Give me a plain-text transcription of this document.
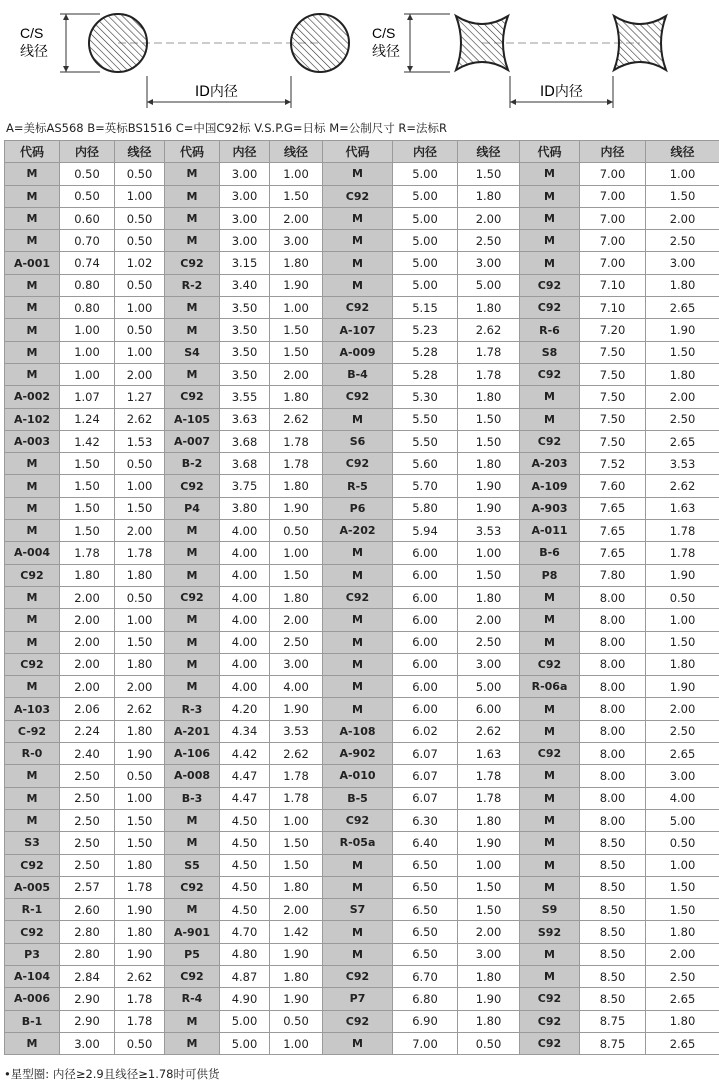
C/S
线径
ID内径
C/S
线径
ID内径
A=美标AS568 B=英标BS1516 C=中国C92标 V.S.P.G=日标 M=公制尺寸 R=法标R
代码	内径	线径	代码	内径	线径	代码	内径	线径	代码	内径	线径
M	0.50	0.50	M	3.00	1.00	M	5.00	1.50	M	7.00	1.00
M	0.50	1.00	M	3.00	1.50	C92	5.00	1.80	M	7.00	1.50
M	0.60	0.50	M	3.00	2.00	M	5.00	2.00	M	7.00	2.00
M	0.70	0.50	M	3.00	3.00	M	5.00	2.50	M	7.00	2.50
A-001	0.74	1.02	C92	3.15	1.80	M	5.00	3.00	M	7.00	3.00
M	0.80	0.50	R-2	3.40	1.90	M	5.00	5.00	C92	7.10	1.80
M	0.80	1.00	M	3.50	1.00	C92	5.15	1.80	C92	7.10	2.65
M	1.00	0.50	M	3.50	1.50	A-107	5.23	2.62	R-6	7.20	1.90
M	1.00	1.00	S4	3.50	1.50	A-009	5.28	1.78	S8	7.50	1.50
M	1.00	2.00	M	3.50	2.00	B-4	5.28	1.78	C92	7.50	1.80
A-002	1.07	1.27	C92	3.55	1.80	C92	5.30	1.80	M	7.50	2.00
A-102	1.24	2.62	A-105	3.63	2.62	M	5.50	1.50	M	7.50	2.50
A-003	1.42	1.53	A-007	3.68	1.78	S6	5.50	1.50	C92	7.50	2.65
M	1.50	0.50	B-2	3.68	1.78	C92	5.60	1.80	A-203	7.52	3.53
M	1.50	1.00	C92	3.75	1.80	R-5	5.70	1.90	A-109	7.60	2.62
M	1.50	1.50	P4	3.80	1.90	P6	5.80	1.90	A-903	7.65	1.63
M	1.50	2.00	M	4.00	0.50	A-202	5.94	3.53	A-011	7.65	1.78
A-004	1.78	1.78	M	4.00	1.00	M	6.00	1.00	B-6	7.65	1.78
C92	1.80	1.80	M	4.00	1.50	M	6.00	1.50	P8	7.80	1.90
M	2.00	0.50	C92	4.00	1.80	C92	6.00	1.80	M	8.00	0.50
M	2.00	1.00	M	4.00	2.00	M	6.00	2.00	M	8.00	1.00
M	2.00	1.50	M	4.00	2.50	M	6.00	2.50	M	8.00	1.50
C92	2.00	1.80	M	4.00	3.00	M	6.00	3.00	C92	8.00	1.80
M	2.00	2.00	M	4.00	4.00	M	6.00	5.00	R-06a	8.00	1.90
A-103	2.06	2.62	R-3	4.20	1.90	M	6.00	6.00	M	8.00	2.00
C-92	2.24	1.80	A-201	4.34	3.53	A-108	6.02	2.62	M	8.00	2.50
R-0	2.40	1.90	A-106	4.42	2.62	A-902	6.07	1.63	C92	8.00	2.65
M	2.50	0.50	A-008	4.47	1.78	A-010	6.07	1.78	M	8.00	3.00
M	2.50	1.00	B-3	4.47	1.78	B-5	6.07	1.78	M	8.00	4.00
M	2.50	1.50	M	4.50	1.00	C92	6.30	1.80	M	8.00	5.00
S3	2.50	1.50	M	4.50	1.50	R-05a	6.40	1.90	M	8.50	0.50
C92	2.50	1.80	S5	4.50	1.50	M	6.50	1.00	M	8.50	1.00
A-005	2.57	1.78	C92	4.50	1.80	M	6.50	1.50	M	8.50	1.50
R-1	2.60	1.90	M	4.50	2.00	S7	6.50	1.50	S9	8.50	1.50
C92	2.80	1.80	A-901	4.70	1.42	M	6.50	2.00	S92	8.50	1.80
P3	2.80	1.90	P5	4.80	1.90	M	6.50	3.00	M	8.50	2.00
A-104	2.84	2.62	C92	4.87	1.80	C92	6.70	1.80	M	8.50	2.50
A-006	2.90	1.78	R-4	4.90	1.90	P7	6.80	1.90	C92	8.50	2.65
B-1	2.90	1.78	M	5.00	0.50	C92	6.90	1.80	C92	8.75	1.80
M	3.00	0.50	M	5.00	1.00	M	7.00	0.50	C92	8.75	2.65
•星型圈: 内径≥2.9且线径≥1.78时可供货
